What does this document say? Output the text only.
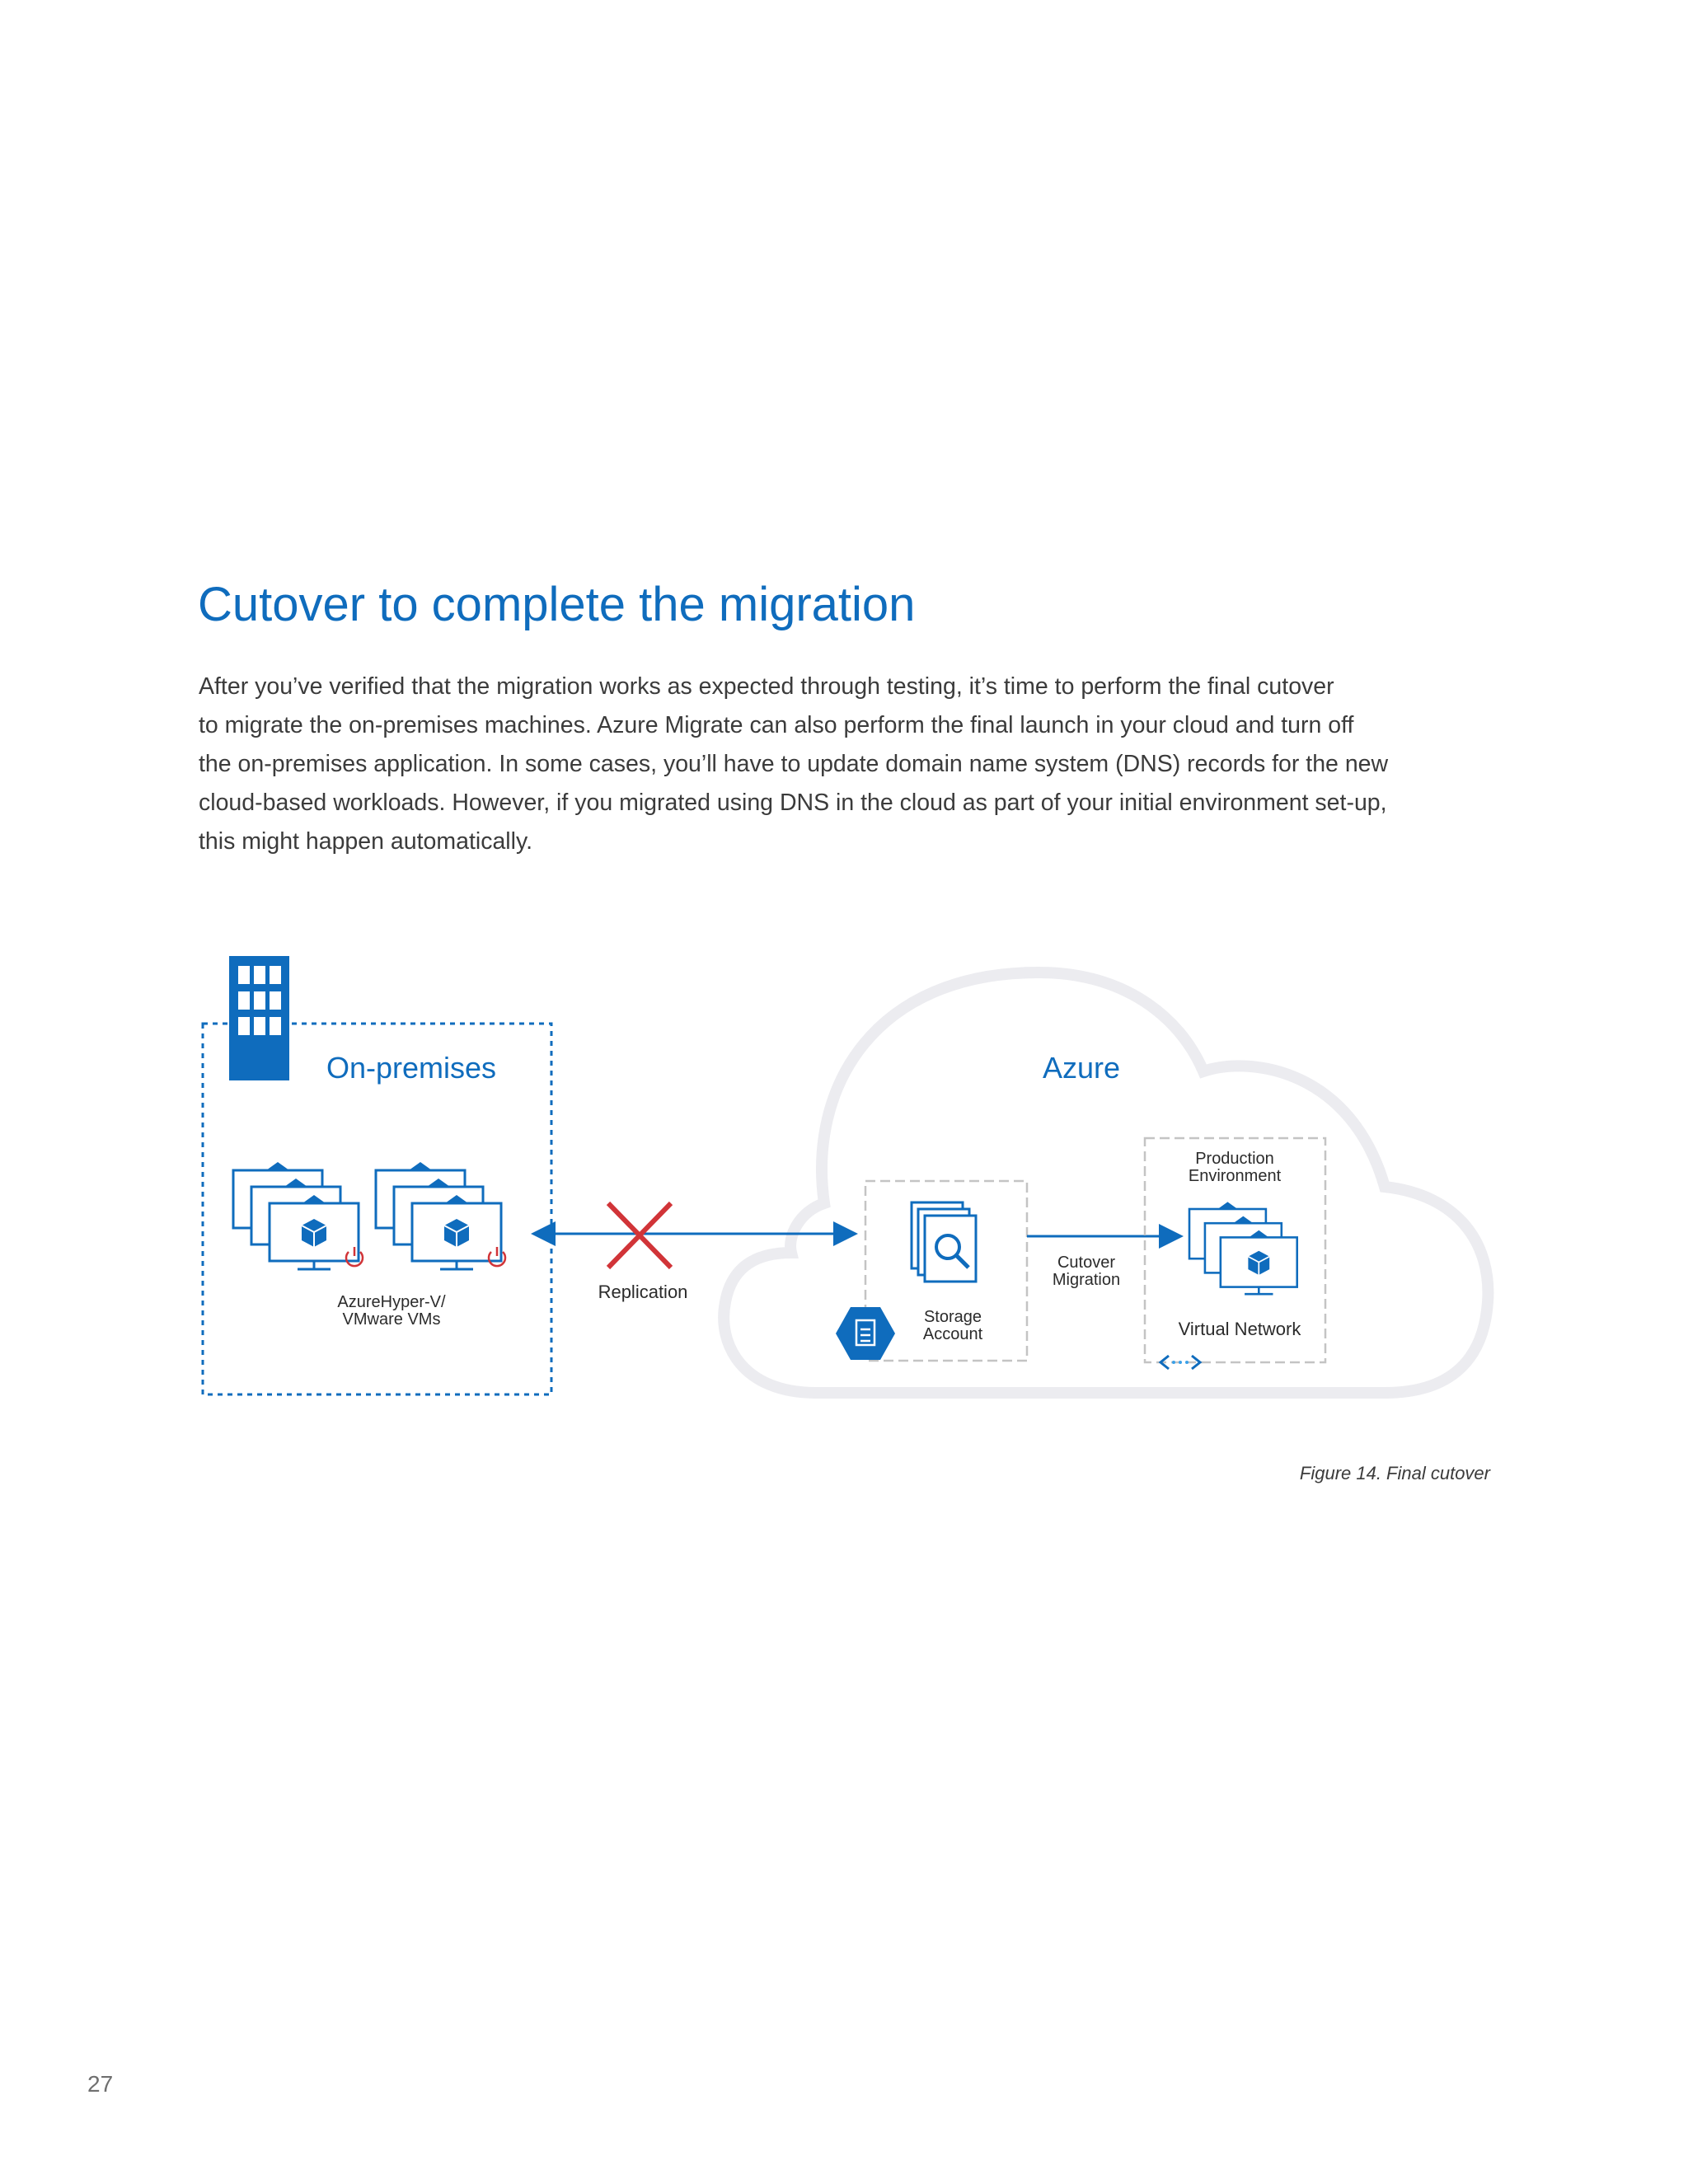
Cutover to complete the migration

After you’ve verified that the migration works as expected through testing, it’s time to perform the final cutover
to migrate the on-premises machines. Azure Migrate can also perform the final launch in your cloud and turn off
the on-premises application. In some cases, you’ll have to update domain name system (DNS) records for the new
cloud-based workloads. However, if you migrated using DNS in the cloud as part of your initial environment set-up,
this might happen automatically.

On-premises	Azure
AzureHyper-V/
VMware VMs
Replication
Storage
Account
Cutover
Migration
Production
Environment
Virtual Network

Figure 14. Final cutover

27
